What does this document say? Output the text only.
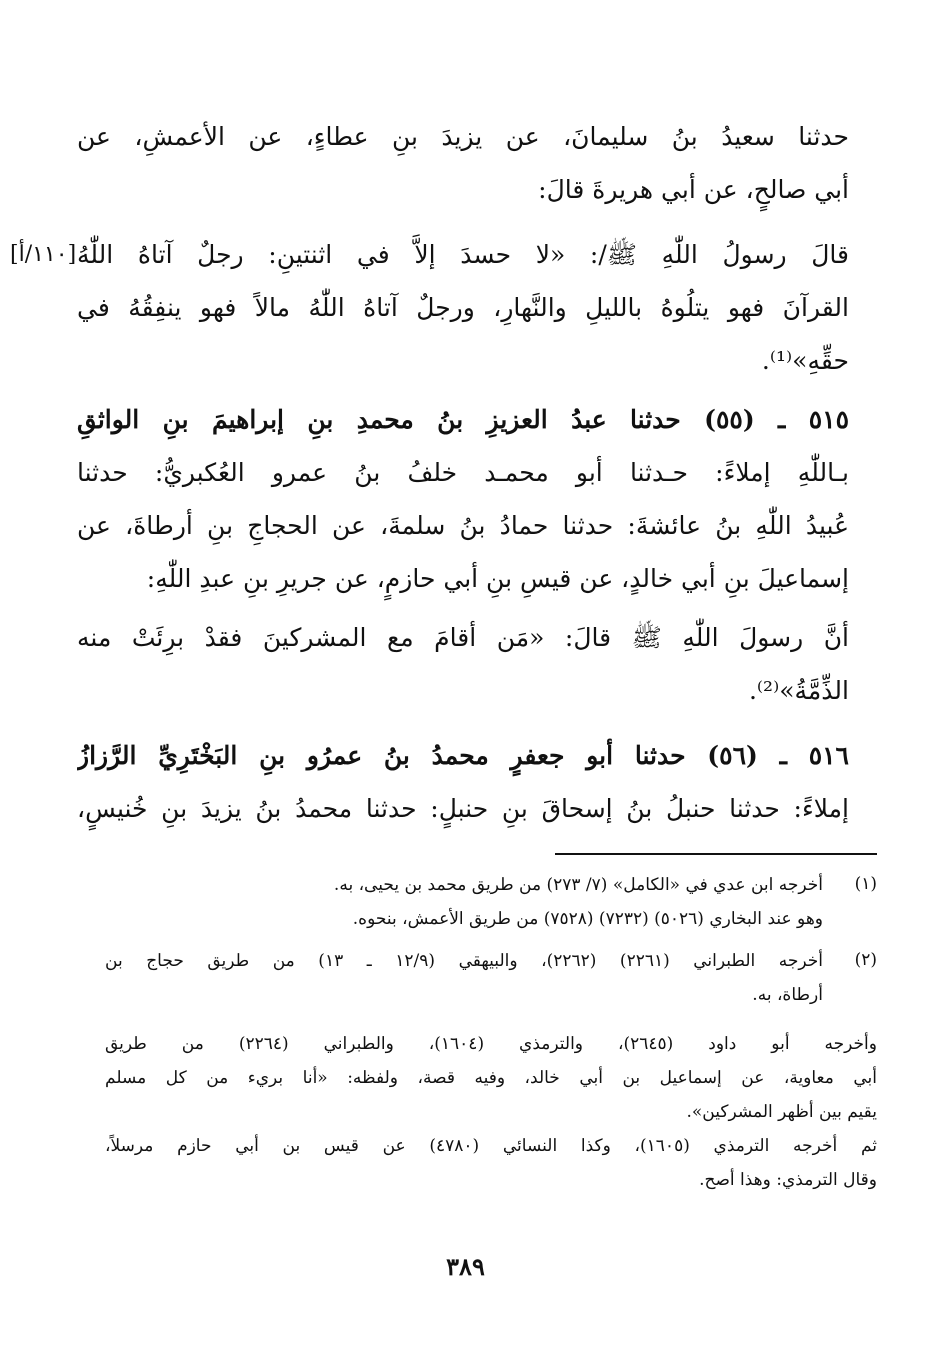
حدثنا سعيدُ بنُ سليمانَ، عن يزيدَ بنِ عطاءٍ، عن الأعمشِ، عن
أبي صالحٍ، عن أبي هريرةَ قالَ:
قالَ رسولُ اللّٰهِ ﷺ/: «لا حسدَ إلاَّ في اثنتينِ: رجلٌ آتاهُ اللّٰهُ
القرآنَ فهو يتلُوهُ بالليلِ والنَّهارِ، ورجلٌ آتاهُ اللّٰهُ مالاً فهو ينفِقُهُ في
حقِّهِ»⁽¹⁾.
[١١٠/أ]
٥١٥ ـ (٥٥) حدثنا عبدُ العزيزِ بنُ محمدِ بنِ إبراهيمَ بنِ الواثقِ
بـاللّٰهِ إملاءً: حـدثنا أبو محمـد خلفُ بنُ عمرو العُكبريُّ: حدثنا
عُبيدُ اللّٰهِ بنُ عائشةَ: حدثنا حمادُ بنُ سلمةَ، عن الحجاجِ بنِ أرطاةَ، عن
إسماعيلَ بنِ أبي خالدٍ، عن قيسِ بنِ أبي حازمٍ، عن جريرِ بنِ عبدِ اللّٰهِ:
أنَّ رسولَ اللّٰهِ ﷺ قالَ: «مَن أقامَ مع المشركينَ فقدْ برِئَتْ منه
الذِّمَّةُ»⁽²⁾.
٥١٦ ـ (٥٦) حدثنا أبو جعفرٍ محمدُ بنُ عمرُو بنِ البَخْتَرِيِّ الرَّزازُ
إملاءً: حدثنا حنبلُ بنُ إسحاقَ بنِ حنبلٍ: حدثنا محمدُ بنُ يزيدَ بنِ خُنيسٍ،
(١)
أخرجه ابن عدي في «الكامل» (٧/ ٢٧٣) من طريق محمد بن يحيى، به.
وهو عند البخاري (٥٠٢٦) (٧٢٣٢) (٧٥٢٨) من طريق الأعمش، بنحوه.
(٢)
أخرجه الطبراني (٢٢٦١) (٢٢٦٢)، والبيهقي (١٢/٩ ـ ١٣) من طريق حجاج بن
أرطاة، به.
وأخرجه أبو داود (٢٦٤٥)، والترمذي (١٦٠٤)، والطبراني (٢٢٦٤) من طريق
أبي معاوية، عن إسماعيل بن أبي خالد، وفيه قصة، ولفظه: «أنا بريء من كل مسلم
يقيم بين أظهر المشركين».
ثم أخرجه الترمذي (١٦٠٥)، وكذا النسائي (٤٧٨٠) عن قيس بن أبي حازم مرسلاً،
وقال الترمذي: وهذا أصح.
٣٨٩
